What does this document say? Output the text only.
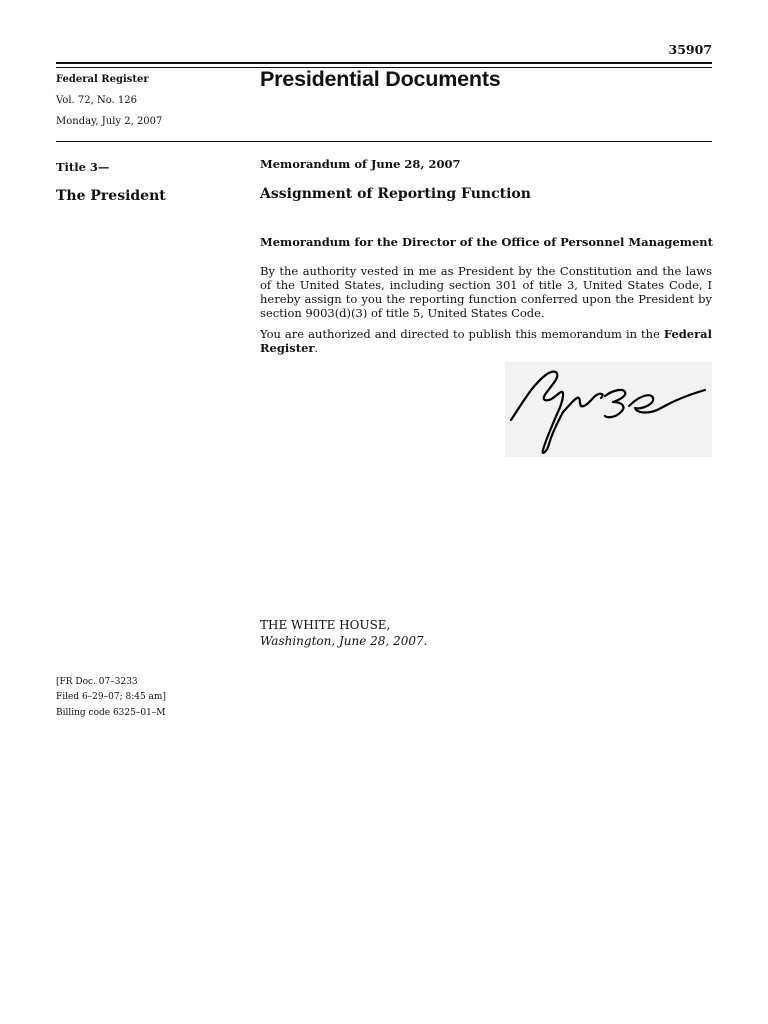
35907
Federal Register
Vol. 72, No. 126
Monday, July 2, 2007
Presidential Documents
Title 3—
The President
Memorandum of June 28, 2007
Assignment of Reporting Function
Memorandum for the Director of the Office of Personnel Management
By the authority vested in me as President by the Constitution and the laws of the United States, including section 301 of title 3, United States Code, I hereby assign to you the reporting function conferred upon the President by section 9003(d)(3) of title 5, United States Code.
You are authorized and directed to publish this memorandum in the Federal Register.
THE WHITE HOUSE,
Washington, June 28, 2007.
[FR Doc. 07–3233
Filed 6–29–07; 8:45 am]
Billing code 6325–01–M
